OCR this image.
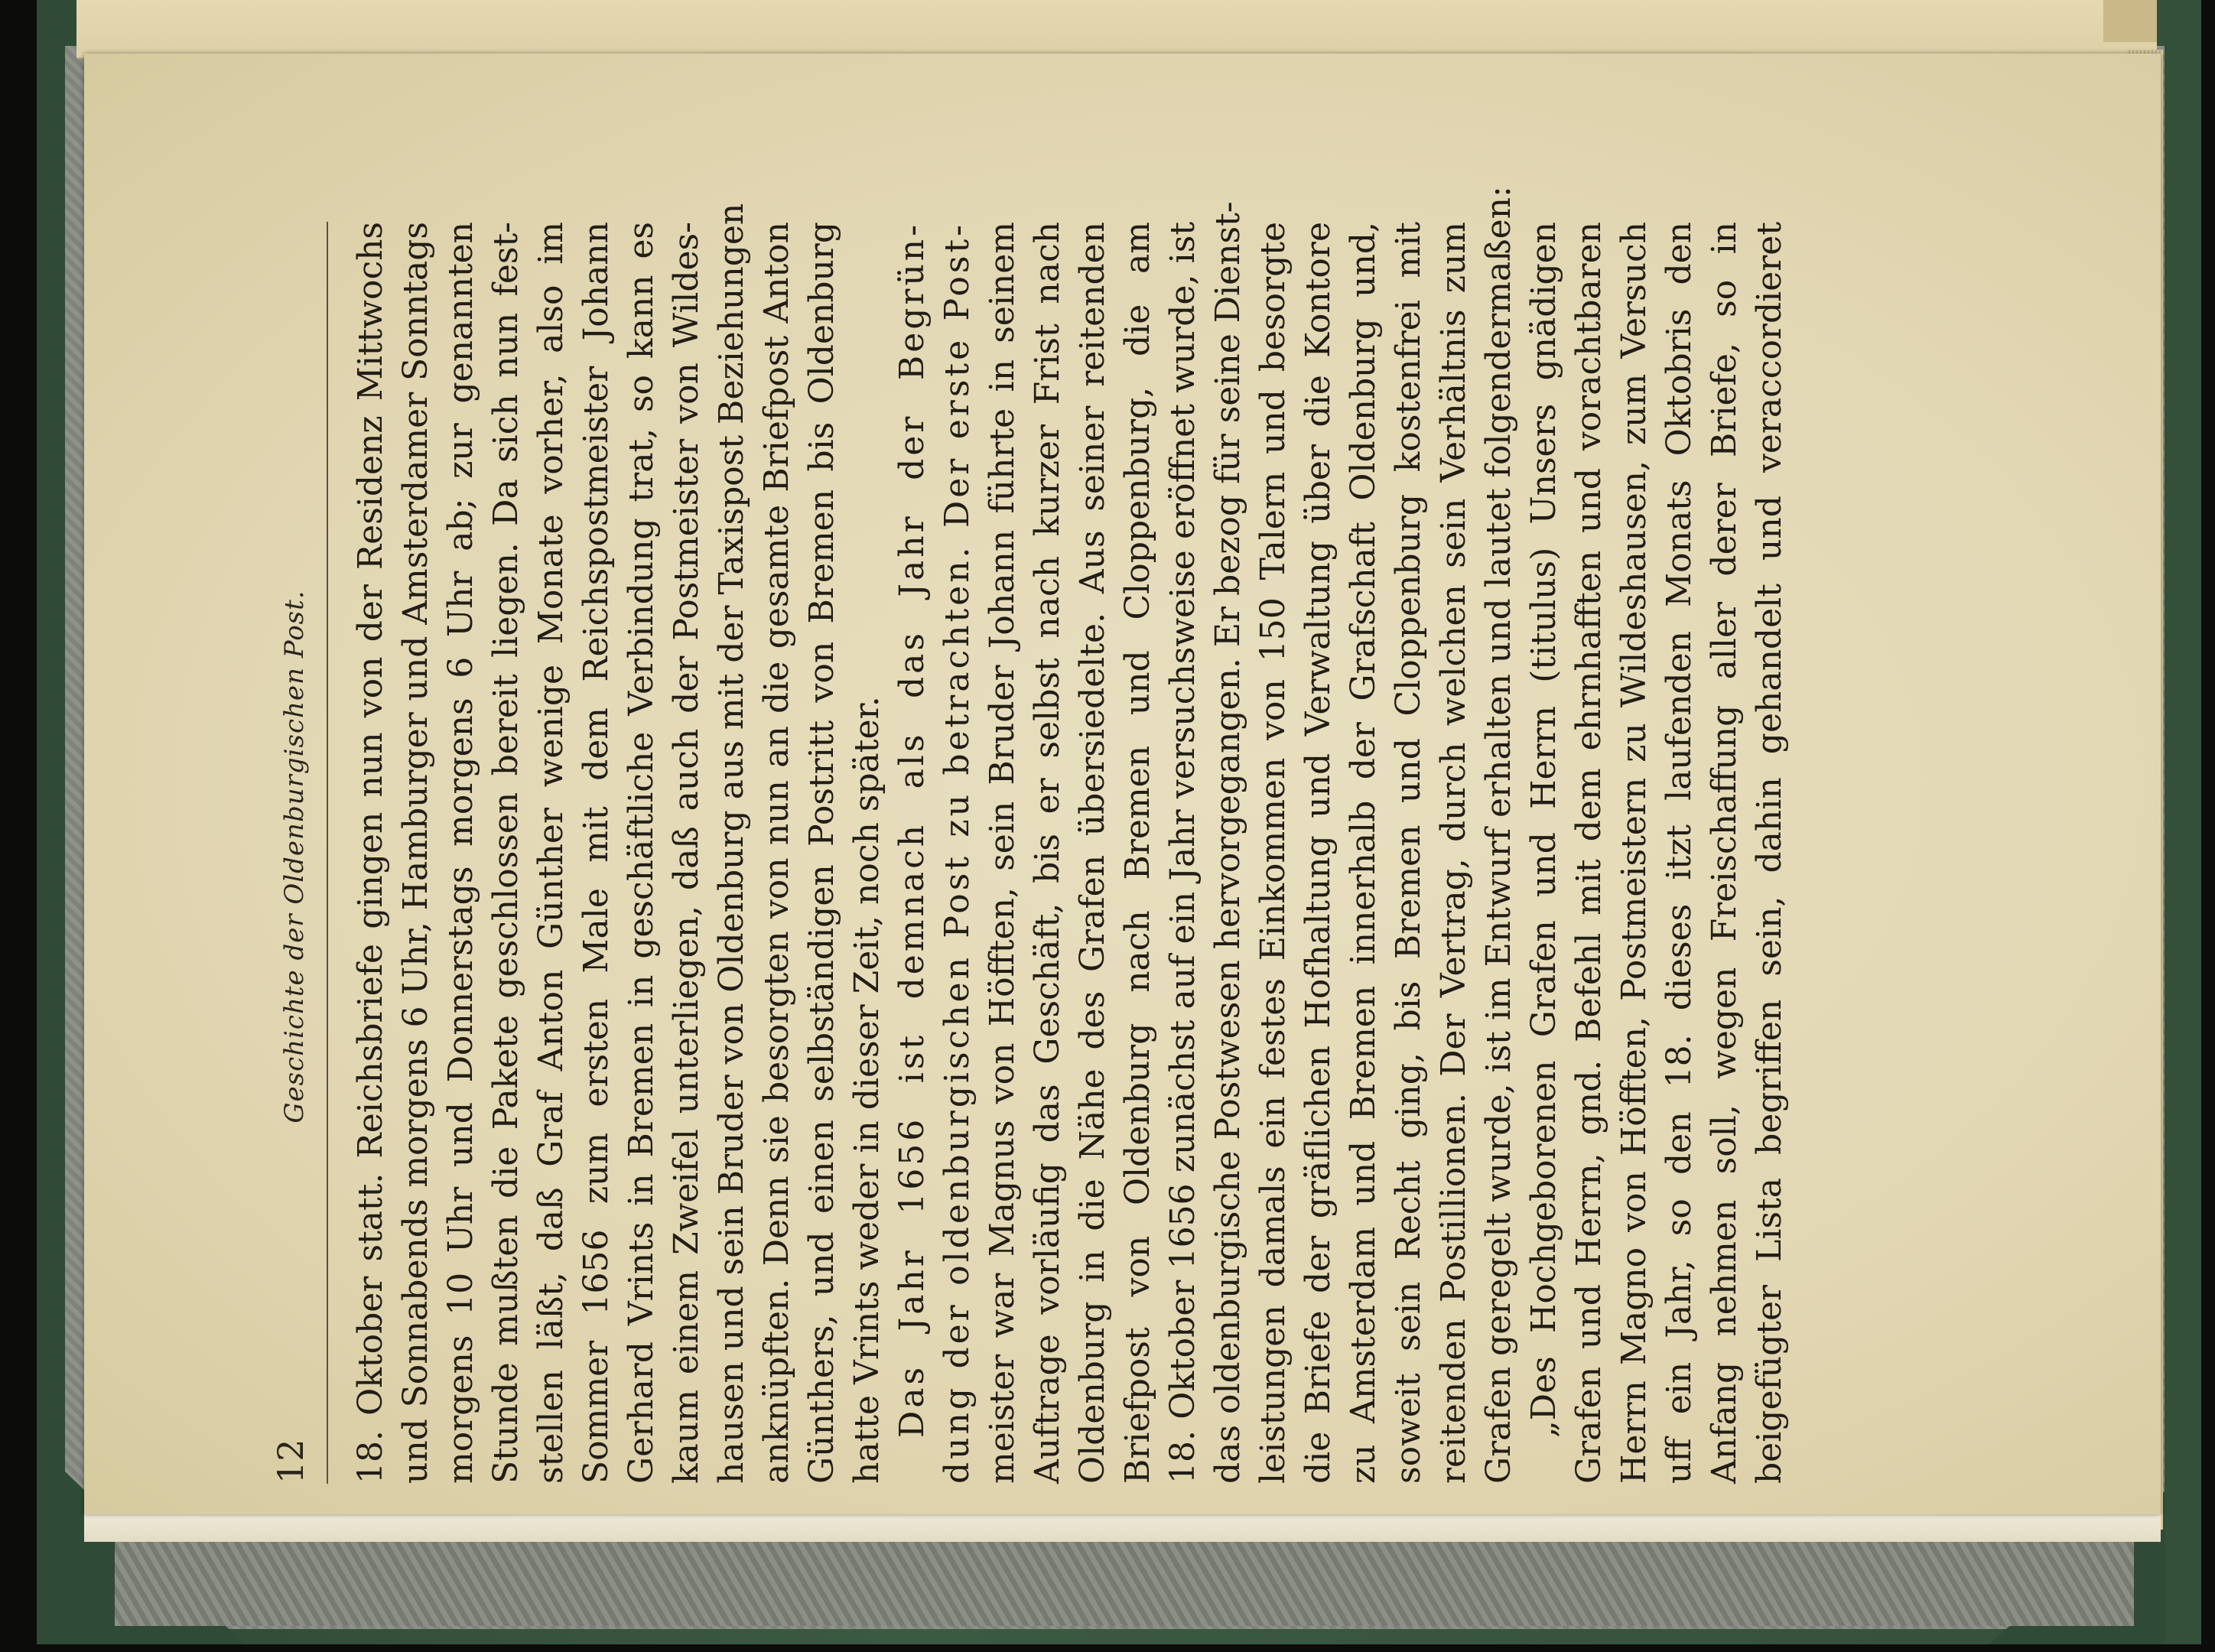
12
Geschichte der Oldenburgischen Post. 18. Oktober statt. Reichsbriefe gingen nun von der Residenz Mittwochs und Sonnabends morgens 6 Uhr, Hamburger und Amsterdamer Sonntags morgens 10 Uhr und Donnerstags morgens 6 Uhr ab; zur genannten Stunde mußten die Pakete geschlossen bereit liegen. Da sich nun fest- stellen läßt, daß Graf Anton Günther wenige Monate vorher, also im Sommer 1656 zum ersten Male mit dem Reichspostmeister Johann Gerhard Vrints in Bremen in geschäftliche Verbindung trat, so kann es kaum einem Zweifel unterliegen, daß auch der Postmeister von Wildes- hausen und sein Bruder von Oldenburg aus mit der Taxispost Beziehungen anknüpften. Denn sie besorgten von nun an die gesamte Briefpost Anton Günthers, und einen selbständigen Postritt von Bremen bis Oldenburg hatte Vrints weder in dieser Zeit, noch später. Das Jahr 1656 ist demnach als das Jahr der Begrün- dung der oldenburgischen Post zu betrachten. Der erste Post- meister war Magnus von Höfften, sein Bruder Johann führte in seinem Auftrage vorläufig das Geschäft, bis er selbst nach kurzer Frist nach Oldenburg in die Nähe des Grafen übersiedelte. Aus seiner reitenden Briefpost von Oldenburg nach Bremen und Cloppenburg, die am 18. Oktober 1656 zunächst auf ein Jahr versuchsweise eröffnet wurde, ist das oldenburgische Postwesen hervorgegangen. Er bezog für seine Dienst- leistungen damals ein festes Einkommen von 150 Talern und besorgte die Briefe der gräflichen Hofhaltung und Verwaltung über die Kontore zu Amsterdam und Bremen innerhalb der Grafschaft Oldenburg und, soweit sein Recht ging, bis Bremen und Cloppenburg kostenfrei mit reitenden Postillionen. Der Vertrag, durch welchen sein Verhältnis zum Grafen geregelt wurde, ist im Entwurf erhalten und lautet folgendermaßen: „Des Hochgeborenen Grafen und Herrn (titulus) Unsers gnädigen Grafen und Herrn, gnd. Befehl mit dem ehrnhafften und vorachtbaren Herrn Magno von Höfften, Postmeistern zu Wildeshausen, zum Versuch uff ein Jahr, so den 18. dieses itzt laufenden Monats Oktobris den Anfang nehmen soll, wegen Freischaffung aller derer Briefe, so in beigefügter Lista begriffen sein, dahin gehandelt und veraccordieret
